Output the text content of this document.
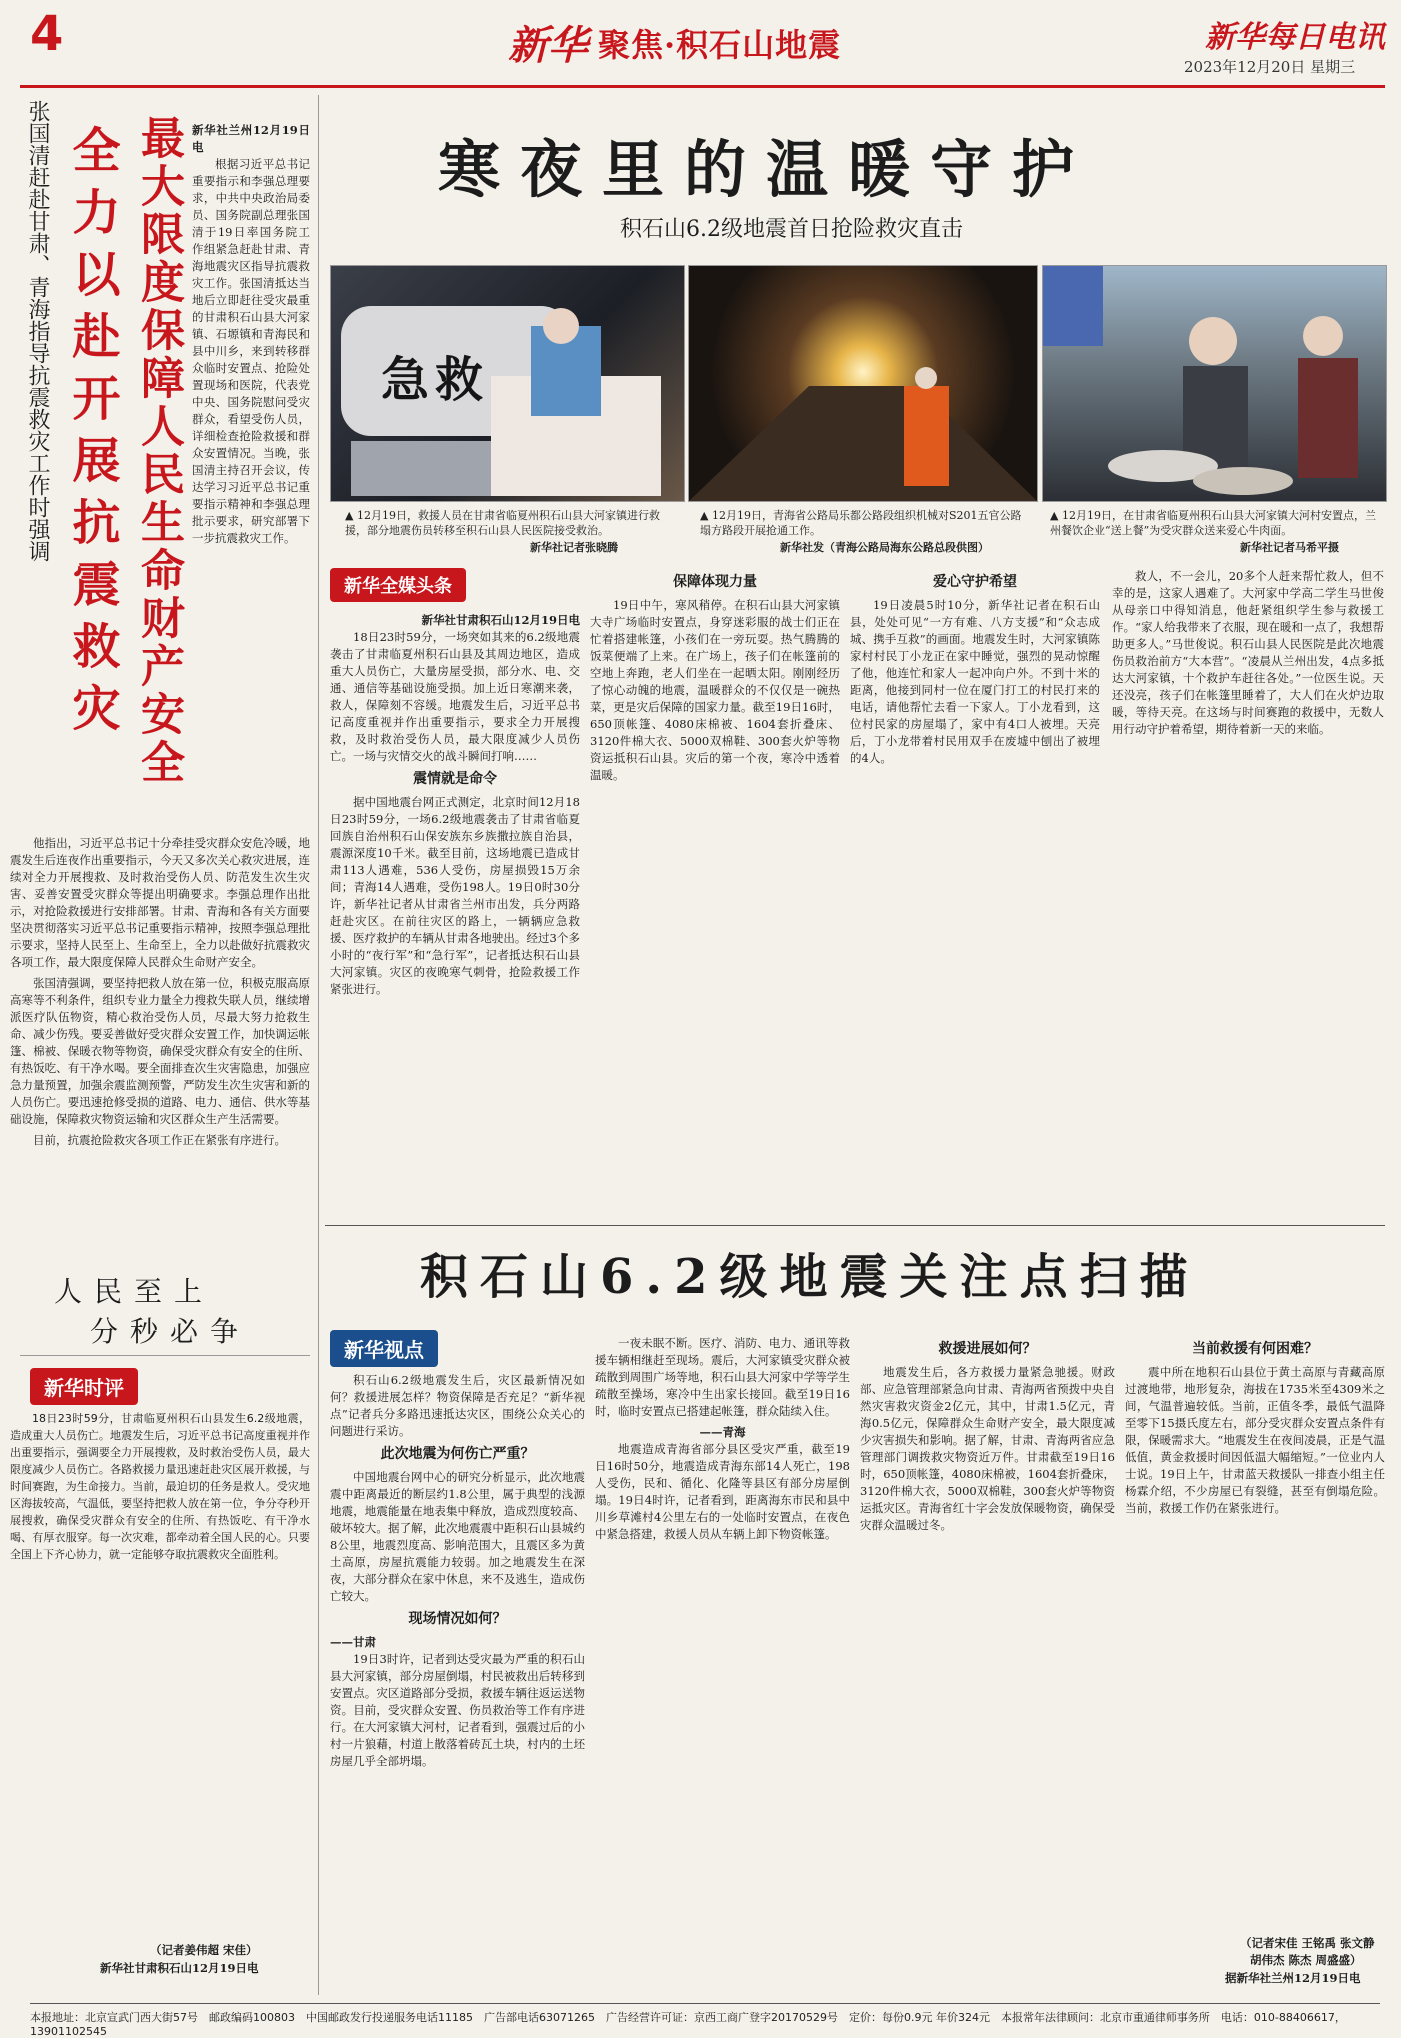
4	新华 聚焦·积石山地震	新华每日电讯
2023年12月20日 星期三
张国清赶赴甘肃、青海指导抗震救灾工作时强调 全力以赴开展抗震救灾 最大限度保障人民生命财产安全 新华社兰州12月19日电

根据习近平总书记重要指示和李强总理要求，中共中央政治局委员、国务院副总理张国清于19日率国务院工作组紧急赶赴甘肃、青海地震灾区指导抗震救灾工作。张国清抵达当地后立即赶往受灾最重的甘肃积石山县大河家镇、石塬镇和青海民和县中川乡，来到转移群众临时安置点、抢险处置现场和医院，代表党中央、国务院慰问受灾群众，看望受伤人员，详细检查抢险救援和群众安置情况。当晚，张国清主持召开会议，传达学习习近平总书记重要指示精神和李强总理批示要求，研究部署下一步抗震救灾工作。

他指出，习近平总书记十分牵挂受灾群众安危冷暖，地震发生后连夜作出重要指示，今天又多次关心救灾进展，连续对全力开展搜救、及时救治受伤人员、防范发生次生灾害、妥善安置受灾群众等提出明确要求。李强总理作出批示，对抢险救援进行安排部署。甘肃、青海和各有关方面要坚决贯彻落实习近平总书记重要指示精神，按照李强总理批示要求，坚持人民至上、生命至上，全力以赴做好抗震救灾各项工作，最大限度保障人民群众生命财产安全。

张国清强调，要坚持把救人放在第一位，积极克服高原高寒等不利条件，组织专业力量全力搜救失联人员，继续增派医疗队伍物资，精心救治受伤人员，尽最大努力抢救生命、减少伤残。要妥善做好受灾群众安置工作，加快调运帐篷、棉被、保暖衣物等物资，确保受灾群众有安全的住所、有热饭吃、有干净水喝。要全面排查次生灾害隐患，加强应急力量预置，加强余震监测预警，严防发生次生灾害和新的人员伤亡。要迅速抢修受损的道路、电力、通信、供水等基础设施，保障救灾物资运输和灾区群众生产生活需要。

目前，抗震抢险救灾各项工作正在紧张有序进行。

人民至上
分秒必争
新华时评
18日23时59分，甘肃临夏州积石山县发生6.2级地震，造成重大人员伤亡。地震发生后，习近平总书记高度重视并作出重要指示，强调要全力开展搜救，及时救治受伤人员，最大限度减少人员伤亡。各路救援力量迅速赶赴灾区展开救援，与时间赛跑，为生命接力。当前，最迫切的任务是救人。受灾地区海拔较高，气温低，要坚持把救人放在第一位，争分夺秒开展搜救，确保受灾群众有安全的住所、有热饭吃、有干净水喝、有厚衣服穿。每一次灾难，都牵动着全国人民的心。只要全国上下齐心协力，就一定能够夺取抗震救灾全面胜利。
（记者姜伟超 宋佳）
新华社甘肃积石山12月19日电
寒夜里的温暖守护
积石山6.2级地震首日抢险救灾直击
急救
▲ 12月19日，救援人员在甘肃省临夏州积石山县大河家镇进行救援，部分地震伤员转移至积石山县人民医院接受救治。
新华社记者张晓腾
▲ 12月19日，青海省公路局乐都公路段组织机械对S201五官公路塌方路段开展抢通工作。
新华社发（青海公路局海东公路总段供图）
▲ 12月19日，在甘肃省临夏州积石山县大河家镇大河村安置点，兰州餐饮企业“送上餐”为受灾群众送来爱心牛肉面。
新华社记者马希平摄
新华全媒头条
新华社甘肃积石山12月19日电

18日23时59分，一场突如其来的6.2级地震袭击了甘肃临夏州积石山县及其周边地区，造成重大人员伤亡，大量房屋受损，部分水、电、交通、通信等基础设施受损。加上近日寒潮来袭，救人，保障刻不容缓。地震发生后，习近平总书记高度重视并作出重要指示，要求全力开展搜救，及时救治受伤人员，最大限度减少人员伤亡。一场与灾情交火的战斗瞬间打响……

震情就是命令

据中国地震台网正式测定，北京时间12月18日23时59分，一场6.2级地震袭击了甘肃省临夏回族自治州积石山保安族东乡族撒拉族自治县，震源深度10千米。截至目前，这场地震已造成甘肃113人遇难，536人受伤，房屋损毁15万余间；青海14人遇难，受伤198人。19日0时30分许，新华社记者从甘肃省兰州市出发，兵分两路赶赴灾区。在前往灾区的路上，一辆辆应急救援、医疗救护的车辆从甘肃各地驶出。经过3个多小时的“夜行军”和“急行军”，记者抵达积石山县大河家镇。灾区的夜晚寒气刺骨，抢险救援工作紧张进行。

保障体现力量

19日中午，寒风稍停。在积石山县大河家镇大寺广场临时安置点，身穿迷彩服的战士们正在忙着搭建帐篷，小孩们在一旁玩耍。热气腾腾的饭菜便端了上来。在广场上，孩子们在帐篷前的空地上奔跑，老人们坐在一起晒太阳。刚刚经历了惊心动魄的地震，温暖群众的不仅仅是一碗热菜，更是灾后保障的国家力量。截至19日16时，650顶帐篷、4080床棉被、1604套折叠床、3120件棉大衣、5000双棉鞋、300套火炉等物资运抵积石山县。灾后的第一个夜，寒冷中透着温暖。

爱心守护希望

19日凌晨5时10分，新华社记者在积石山县，处处可见“一方有难、八方支援”和“众志成城、携手互救”的画面。地震发生时，大河家镇陈家村村民丁小龙正在家中睡觉，强烈的晃动惊醒了他，他连忙和家人一起冲向户外。不到十米的距离，他接到同村一位在厦门打工的村民打来的电话，请他帮忙去看一下家人。丁小龙看到，这位村民家的房屋塌了，家中有4口人被埋。天亮后，丁小龙带着村民用双手在废墟中刨出了被埋的4人。

救人，不一会儿，20多个人赶来帮忙救人，但不幸的是，这家人遇难了。大河家中学高二学生马世俊从母亲口中得知消息，他赶紧组织学生参与救援工作。“家人给我带来了衣服，现在暖和一点了，我想帮助更多人。”马世俊说。积石山县人民医院是此次地震伤员救治前方“大本营”。“凌晨从兰州出发，4点多抵达大河家镇，十个救护车赶往各处。”一位医生说。天还没亮，孩子们在帐篷里睡着了，大人们在火炉边取暖，等待天亮。在这场与时间赛跑的救援中，无数人用行动守护着希望，期待着新一天的来临。

积石山6.2级地震关注点扫描
新华视点

积石山6.2级地震发生后，灾区最新情况如何？救援进展怎样？物资保障是否充足？“新华视点”记者兵分多路迅速抵达灾区，围绕公众关心的问题进行采访。

此次地震为何伤亡严重？

中国地震台网中心的研究分析显示，此次地震震中距离最近的断层约1.8公里，属于典型的浅源地震，地震能量在地表集中释放，造成烈度较高、破坏较大。据了解，此次地震震中距积石山县城约8公里，地震烈度高、影响范围大，且震区多为黄土高原，房屋抗震能力较弱。加之地震发生在深夜，大部分群众在家中休息，来不及逃生，造成伤亡较大。

现场情况如何？
——甘肃

19日3时许，记者到达受灾最为严重的积石山县大河家镇，部分房屋倒塌，村民被救出后转移到安置点。灾区道路部分受损，救援车辆往返运送物资。目前，受灾群众安置、伤员救治等工作有序进行。在大河家镇大河村，记者看到，强震过后的小村一片狼藉，村道上散落着砖瓦土块，村内的土坯房屋几乎全部坍塌。

一夜未眠不断。医疗、消防、电力、通讯等救援车辆相继赶至现场。震后，大河家镇受灾群众被疏散到周围广场等地，积石山县大河家中学等学生疏散至操场，寒冷中生出家长接回。截至19日16时，临时安置点已搭建起帐篷，群众陆续入住。

——青海

地震造成青海省部分县区受灾严重，截至19日16时50分，地震造成青海东部14人死亡，198人受伤，民和、循化、化隆等县区有部分房屋倒塌。19日4时许，记者看到，距离海东市民和县中川乡草滩村4公里左右的一处临时安置点，在夜色中紧急搭建，救援人员从车辆上卸下物资帐篷。

救援进展如何？

地震发生后，各方救援力量紧急驰援。财政部、应急管理部紧急向甘肃、青海两省预拨中央自然灾害救灾资金2亿元，其中，甘肃1.5亿元，青海0.5亿元，保障群众生命财产安全，最大限度减少灾害损失和影响。据了解，甘肃、青海两省应急管理部门调拨救灾物资近万件。甘肃截至19日16时，650顶帐篷，4080床棉被，1604套折叠床，3120件棉大衣，5000双棉鞋，300套火炉等物资运抵灾区。青海省红十字会发放保暖物资，确保受灾群众温暖过冬。

当前救援有何困难？

震中所在地积石山县位于黄土高原与青藏高原过渡地带，地形复杂，海拔在1735米至4309米之间，气温普遍较低。当前，正值冬季，最低气温降至零下15摄氏度左右，部分受灾群众安置点条件有限，保暖需求大。“地震发生在夜间凌晨，正是气温低值，黄金救援时间因低温大幅缩短。”一位业内人士说。19日上午，甘肃蓝天救援队一排查小组主任杨霖介绍，不少房屋已有裂缝，甚至有倒塌危险。当前，救援工作仍在紧张进行。

（记者宋佳 王铭禹 张文静
胡伟杰 陈杰 周盛盛）
据新华社兰州12月19日电
本报地址：北京宣武门西大街57号　邮政编码100803　中国邮政发行投递服务电话11185　广告部电话63071265　广告经营许可证：京西工商广登字20170529号　定价：每份0.9元 年价324元　本报常年法律顾问：北京市重通律师事务所　电话：010-88406617，13901102545
